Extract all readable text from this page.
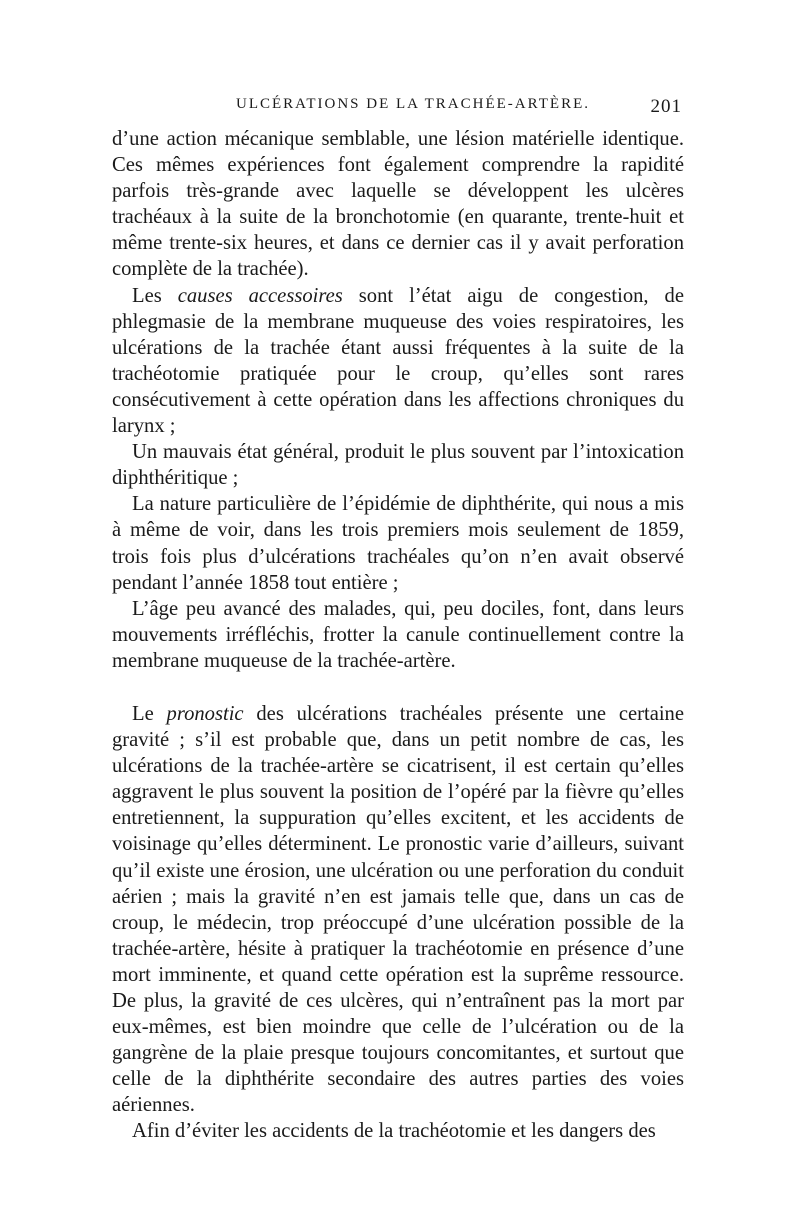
ULCÉRATIONS DE LA TRACHÉE-ARTÈRE.	201

d’une action mécanique semblable, une lésion matérielle identique. Ces mêmes expériences font également comprendre la rapidité parfois très-grande avec laquelle se développent les ulcères trachéaux à la suite de la bronchotomie (en quarante, trente-huit et même trente-six heures, et dans ce dernier cas il y avait perforation complète de la trachée).

Les causes accessoires sont l’état aigu de congestion, de phlegmasie de la membrane muqueuse des voies respiratoires, les ulcérations de la trachée étant aussi fréquentes à la suite de la trachéotomie pratiquée pour le croup, qu’elles sont rares consécutivement à cette opération dans les affections chroniques du larynx ;

Un mauvais état général, produit le plus souvent par l’intoxication diphthéritique ;

La nature particulière de l’épidémie de diphthérite, qui nous a mis à même de voir, dans les trois premiers mois seulement de 1859, trois fois plus d’ulcérations trachéales qu’on n’en avait observé pendant l’année 1858 tout entière ;

L’âge peu avancé des malades, qui, peu dociles, font, dans leurs mouvements irréfléchis, frotter la canule continuellement contre la membrane muqueuse de la trachée-artère.

Le pronostic des ulcérations trachéales présente une certaine gravité ; s’il est probable que, dans un petit nombre de cas, les ulcérations de la trachée-artère se cicatrisent, il est certain qu’elles aggravent le plus souvent la position de l’opéré par la fièvre qu’elles entretiennent, la suppuration qu’elles excitent, et les accidents de voisinage qu’elles déterminent. Le pronostic varie d’ailleurs, suivant qu’il existe une érosion, une ulcération ou une perforation du conduit aérien ; mais la gravité n’en est jamais telle que, dans un cas de croup, le médecin, trop préoccupé d’une ulcération possible de la trachée-artère, hésite à pratiquer la trachéotomie en présence d’une mort imminente, et quand cette opération est la suprême ressource. De plus, la gravité de ces ulcères, qui n’entraînent pas la mort par eux-mêmes, est bien moindre que celle de l’ulcération ou de la gangrène de la plaie presque toujours concomitantes, et surtout que celle de la diphthérite secondaire des autres parties des voies aériennes.

Afin d’éviter les accidents de la trachéotomie et les dangers des
